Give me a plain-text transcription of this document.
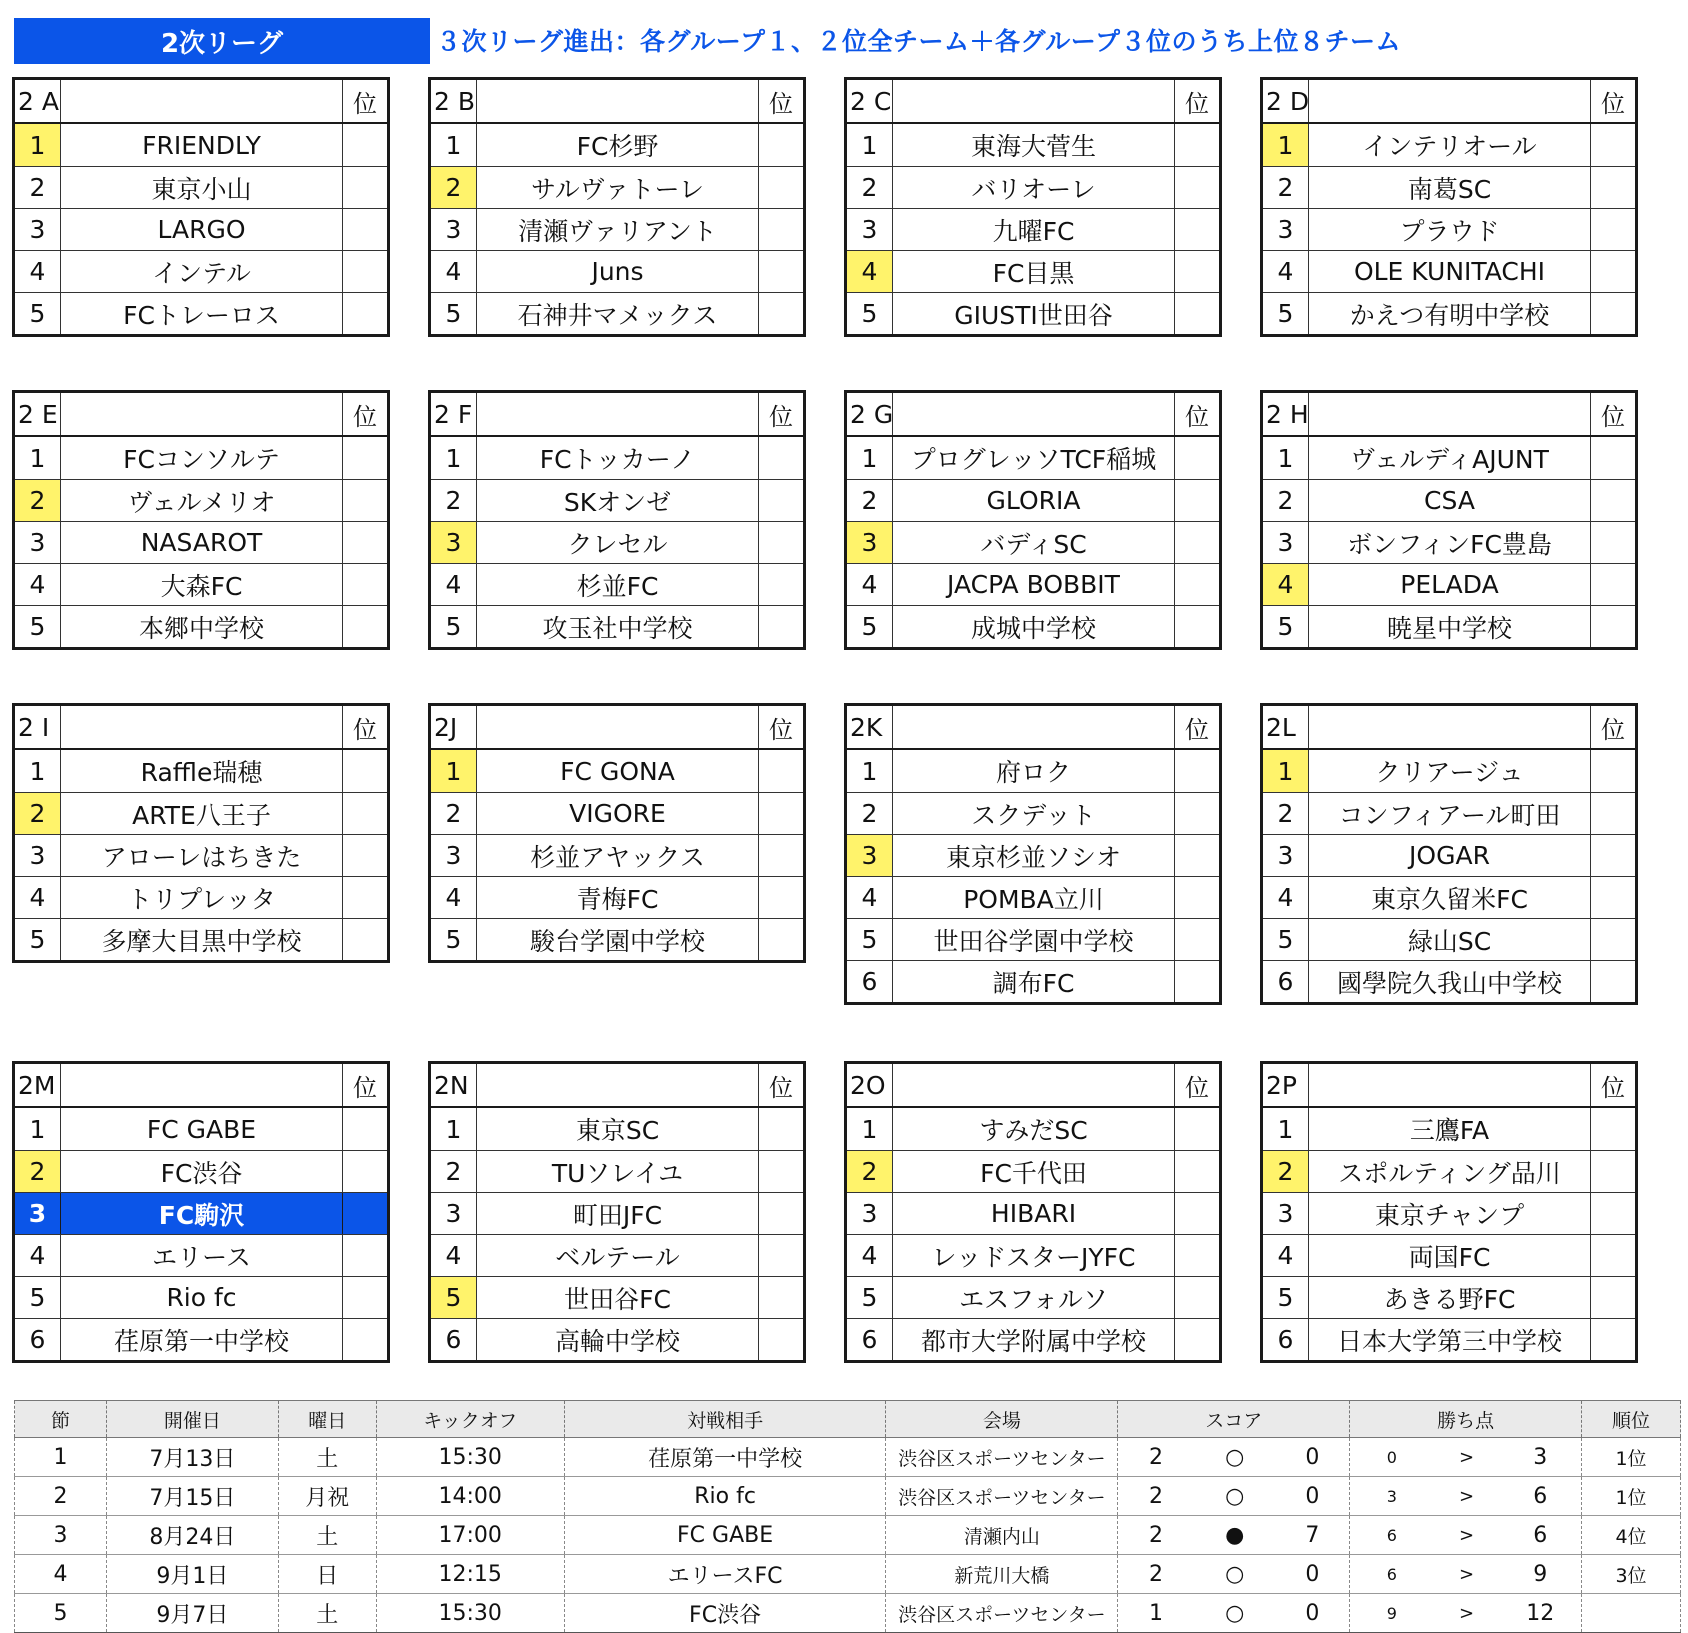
2次リーグ	３次リーグ進出：各グループ１、２位全チーム＋各グループ３位のうち上位８チーム
2 A	位
1	FRIENDLY
2	東京小山
3	LARGO
4	インテル
5	FCトレーロス
2 B	位
1	FC杉野
2	サルヴァトーレ
3	清瀬ヴァリアント
4	Juns
5	石神井マメックス
2 C	位
1	東海大菅生
2	バリオーレ
3	九曜FC
4	FC目黒
5	GIUSTI世田谷
2 D	位
1	インテリオール
2	南葛SC
3	プラウド
4	OLE KUNITACHI
5	かえつ有明中学校
2 E	位
1	FCコンソルテ
2	ヴェルメリオ
3	NASAROT
4	大森FC
5	本郷中学校
2 F	位
1	FCトッカーノ
2	SKオンゼ
3	クレセル
4	杉並FC
5	攻玉社中学校
2 G	位
1	プログレッソTCF稲城
2	GLORIA
3	バディSC
4	JACPA BOBBIT
5	成城中学校
2 H	位
1	ヴェルディAJUNT
2	CSA
3	ボンフィンFC豊島
4	PELADA
5	暁星中学校
2 I	位
1	Raffle瑞穂
2	ARTE八王子
3	アローレはちきた
4	トリプレッタ
5	多摩大目黒中学校
2J	位
1	FC GONA
2	VIGORE
3	杉並アヤックス
4	青梅FC
5	駿台学園中学校
2K	位
1	府ロク
2	スクデット
3	東京杉並ソシオ
4	POMBA立川
5	世田谷学園中学校
6	調布FC
2L	位
1	クリアージュ
2	コンフィアール町田
3	JOGAR
4	東京久留米FC
5	緑山SC
6	國學院久我山中学校
2M	位
1	FC GABE
2	FC渋谷
3	FC駒沢
4	エリース
5	Rio fc
6	荏原第一中学校
2N	位
1	東京SC
2	TUソレイユ
3	町田JFC
4	ベルテール
5	世田谷FC
6	高輪中学校
2O	位
1	すみだSC
2	FC千代田
3	HIBARI
4	レッドスターJYFC
5	エスフォルソ
6	都市大学附属中学校
2P	位
1	三鷹FA
2	スポルティング品川
3	東京チャンプ
4	両国FC
5	あきる野FC
6	日本大学第三中学校
節	開催日	曜日	キックオフ	対戦相手	会場	スコア			勝ち点			順位
1	7月13日	土	15:30	荏原第一中学校	渋谷区スポーツセンター	2	○	0	0	>	3	1位
2	7月15日	月祝	14:00	Rio fc	渋谷区スポーツセンター	2	○	0	3	>	6	1位
3	8月24日	土	17:00	FC GABE	清瀬内山	2	●	7	6	>	6	4位
4	9月1日	日	12:15	エリースFC	新荒川大橋	2	○	0	6	>	9	3位
5	9月7日	土	15:30	FC渋谷	渋谷区スポーツセンター	1	○	0	9	>	12	
